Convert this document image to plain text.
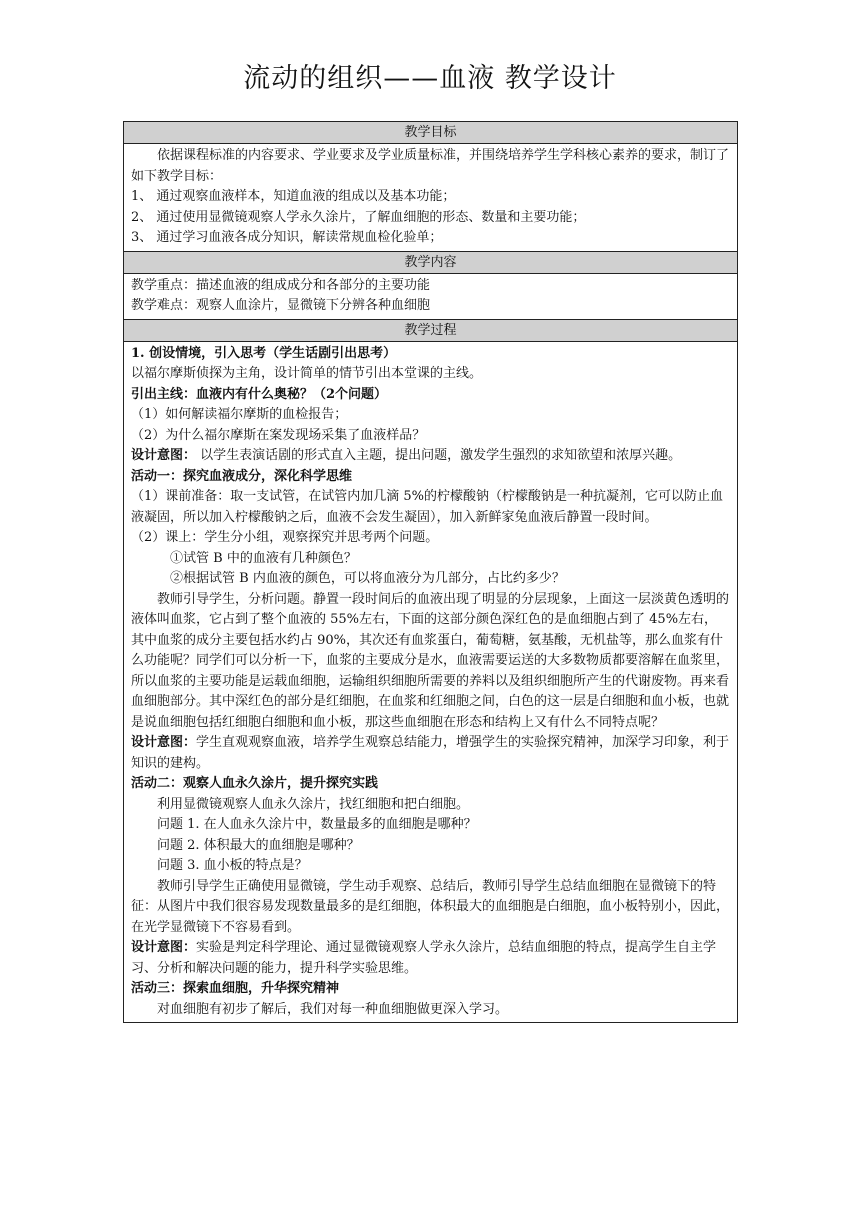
流动的组织——血液 教学设计
教学目标

依据课程标准的内容要求、学业要求及学业质量标准，并围绕培养学生学科核心素养的要求，制订了如下教学目标：

1、 通过观察血液样本，知道血液的组成以及基本功能；

2、 通过使用显微镜观察人学永久涂片，了解血细胞的形态、数量和主要功能；

3、 通过学习血液各成分知识，解读常规血检化验单；

教学内容

教学重点：描述血液的组成成分和各部分的主要功能

教学难点：观察人血涂片，显微镜下分辨各种血细胞

教学过程

1. 创设情境，引入思考（学生话剧引出思考）

以福尔摩斯侦探为主角，设计简单的情节引出本堂课的主线。

引出主线：血液内有什么奥秘？（2个问题）

（1）如何解读福尔摩斯的血检报告；

（2）为什么福尔摩斯在案发现场采集了血液样品？

设计意图： 以学生表演话剧的形式直入主题，提出问题，激发学生强烈的求知欲望和浓厚兴趣。

活动一：探究血液成分，深化科学思维

（1）课前准备：取一支试管，在试管内加几滴 5%的柠檬酸钠（柠檬酸钠是一种抗凝剂，它可以防止血液凝固，所以加入柠檬酸钠之后，血液不会发生凝固），加入新鲜家兔血液后静置一段时间。

（2）课上：学生分小组，观察探究并思考两个问题。

①试管 B 中的血液有几种颜色？

②根据试管 B 内血液的颜色，可以将血液分为几部分，占比约多少？

教师引导学生，分析问题。静置一段时间后的血液出现了明显的分层现象，上面这一层淡黄色透明的液体叫血浆，它占到了整个血液的 55%左右，下面的这部分颜色深红色的是血细胞占到了 45%左右，其中血浆的成分主要包括水约占 90%，其次还有血浆蛋白，葡萄糖，氨基酸，无机盐等，那么血浆有什么功能呢？同学们可以分析一下，血浆的主要成分是水，血液需要运送的大多数物质都要溶解在血浆里，所以血浆的主要功能是运载血细胞，运输组织细胞所需要的养料以及组织细胞所产生的代谢废物。再来看血细胞部分。其中深红色的部分是红细胞，在血浆和红细胞之间，白色的这一层是白细胞和血小板，也就是说血细胞包括红细胞白细胞和血小板，那这些血细胞在形态和结构上又有什么不同特点呢？

设计意图：学生直观观察血液，培养学生观察总结能力，增强学生的实验探究精神，加深学习印象，利于知识的建构。

活动二：观察人血永久涂片，提升探究实践

利用显微镜观察人血永久涂片，找红细胞和把白细胞。

问题 1. 在人血永久涂片中，数量最多的血细胞是哪种？

问题 2. 体积最大的血细胞是哪种？

问题 3. 血小板的特点是？

教师引导学生正确使用显微镜，学生动手观察、总结后，教师引导学生总结血细胞在显微镜下的特征：从图片中我们很容易发现数量最多的是红细胞，体积最大的血细胞是白细胞，血小板特别小，因此，在光学显微镜下不容易看到。

设计意图：实验是判定科学理论、通过显微镜观察人学永久涂片，总结血细胞的特点，提高学生自主学习、分析和解决问题的能力，提升科学实验思维。

活动三：探索血细胞，升华探究精神

对血细胞有初步了解后，我们对每一种血细胞做更深入学习。
